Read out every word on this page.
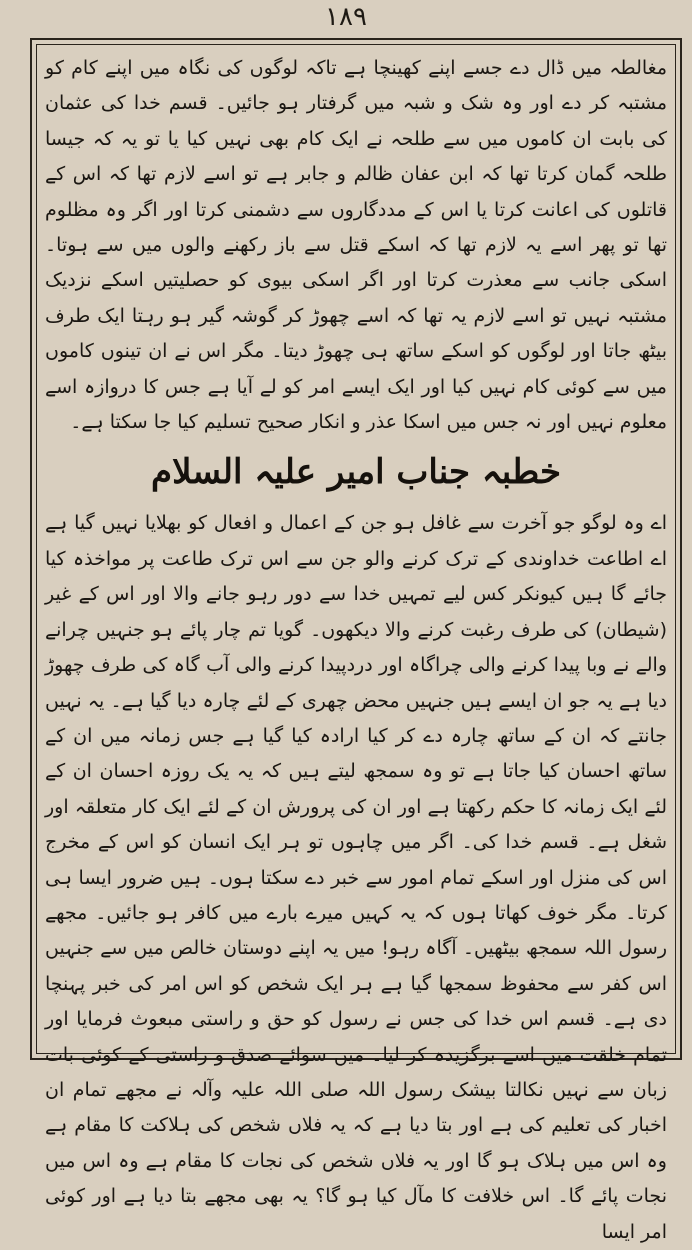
۱۸۹

مغالطہ میں ڈال دے جسے اپنے کھینچا ہے تاکہ لوگوں کی نگاہ میں اپنے کام کو مشتبہ کر دے اور وہ شک و شبہ میں گرفتار ہو جائیں۔ قسم خدا کی عثمان کی بابت ان کاموں میں سے طلحہ نے ایک کام بھی نہیں کیا یا تو یہ کہ جیسا طلحہ گمان کرتا تھا کہ ابن عفان ظالم و جابر ہے تو اسے لازم تھا کہ اس کے قاتلوں کی اعانت کرتا یا اس کے مددگاروں سے دشمنی کرتا اور اگر وہ مظلوم تھا تو پھر اسے یہ لازم تھا کہ اسکے قتل سے باز رکھنے والوں میں سے ہوتا۔ اسکی جانب سے معذرت کرتا اور اگر اسکی بیوی کو حصلیتیں اسکے نزدیک مشتبہ نہیں تو اسے لازم یہ تھا کہ اسے چھوڑ کر گوشہ گیر ہو رہتا ایک طرف بیٹھ جاتا اور لوگوں کو اسکے ساتھ ہی چھوڑ دیتا۔ مگر اس نے ان تینوں کاموں میں سے کوئی کام نہیں کیا اور ایک ایسے امر کو لے آیا ہے جس کا دروازہ اسے معلوم نہیں اور نہ جس میں اسکا عذر و انکار صحیح تسلیم کیا جا سکتا ہے۔

خطبہ جناب امیر علیہ السلام

اے وہ لوگو جو آخرت سے غافل ہو جن کے اعمال و افعال کو بھلایا نہیں گیا ہے اے اطاعت خداوندی کے ترک کرنے والو جن سے اس ترک طاعت پر مواخذہ کیا جائے گا ہیں کیونکر کس لیے تمہیں خدا سے دور رہو جانے والا اور اس کے غیر (شیطان) کی طرف رغبت کرنے والا دیکھوں۔ گویا تم چار پائے ہو جنہیں چرانے والے نے وبا پیدا کرنے والی چراگاہ اور دردپیدا کرنے والی آب گاہ کی طرف چھوڑ دیا ہے یہ جو ان ایسے ہیں جنہیں محض چھری کے لئے چارہ دیا گیا ہے۔ یہ نہیں جانتے کہ ان کے ساتھ چارہ دے کر کیا ارادہ کیا گیا ہے جس زمانہ میں ان کے ساتھ احسان کیا جاتا ہے تو وہ سمجھ لیتے ہیں کہ یہ یک روزہ احسان ان کے لئے ایک زمانہ کا حکم رکھتا ہے اور ان کی پرورش ان کے لئے ایک کار متعلقہ اور شغل ہے۔ قسم خدا کی۔ اگر میں چاہوں تو ہر ایک انسان کو اس کے مخرج اس کی منزل اور اسکے تمام امور سے خبر دے سکتا ہوں۔ ہیں ضرور ایسا ہی کرتا۔ مگر خوف کھاتا ہوں کہ یہ کہیں میرے بارے میں کافر ہو جائیں۔ مجھے رسول اللہ سمجھ بیٹھیں۔ آگاہ رہو! میں یہ اپنے دوستان خالص میں سے جنہیں اس کفر سے محفوظ سمجھا گیا ہے ہر ایک شخص کو اس امر کی خبر پہنچا دی ہے۔ قسم اس خدا کی جس نے رسول کو حق و راستی مبعوث فرمایا اور تمام خلقت میں اسے برگزیدہ کر لیا۔ میں سوائے صدق و راستی کے کوئی بات زبان سے نہیں نکالتا بیشک رسول اللہ صلی اللہ علیہ وآلہ نے مجھے تمام ان اخبار کی تعلیم کی ہے اور بتا دیا ہے کہ یہ فلاں شخص کی ہلاکت کا مقام ہے وہ اس میں ہلاک ہو گا اور یہ فلاں شخص کی نجات کا مقام ہے وہ اس میں نجات پائے گا۔ اس خلافت کا مآل کیا ہو گا؟ یہ بھی مجھے بتا دیا ہے اور کوئی امر ایسا
